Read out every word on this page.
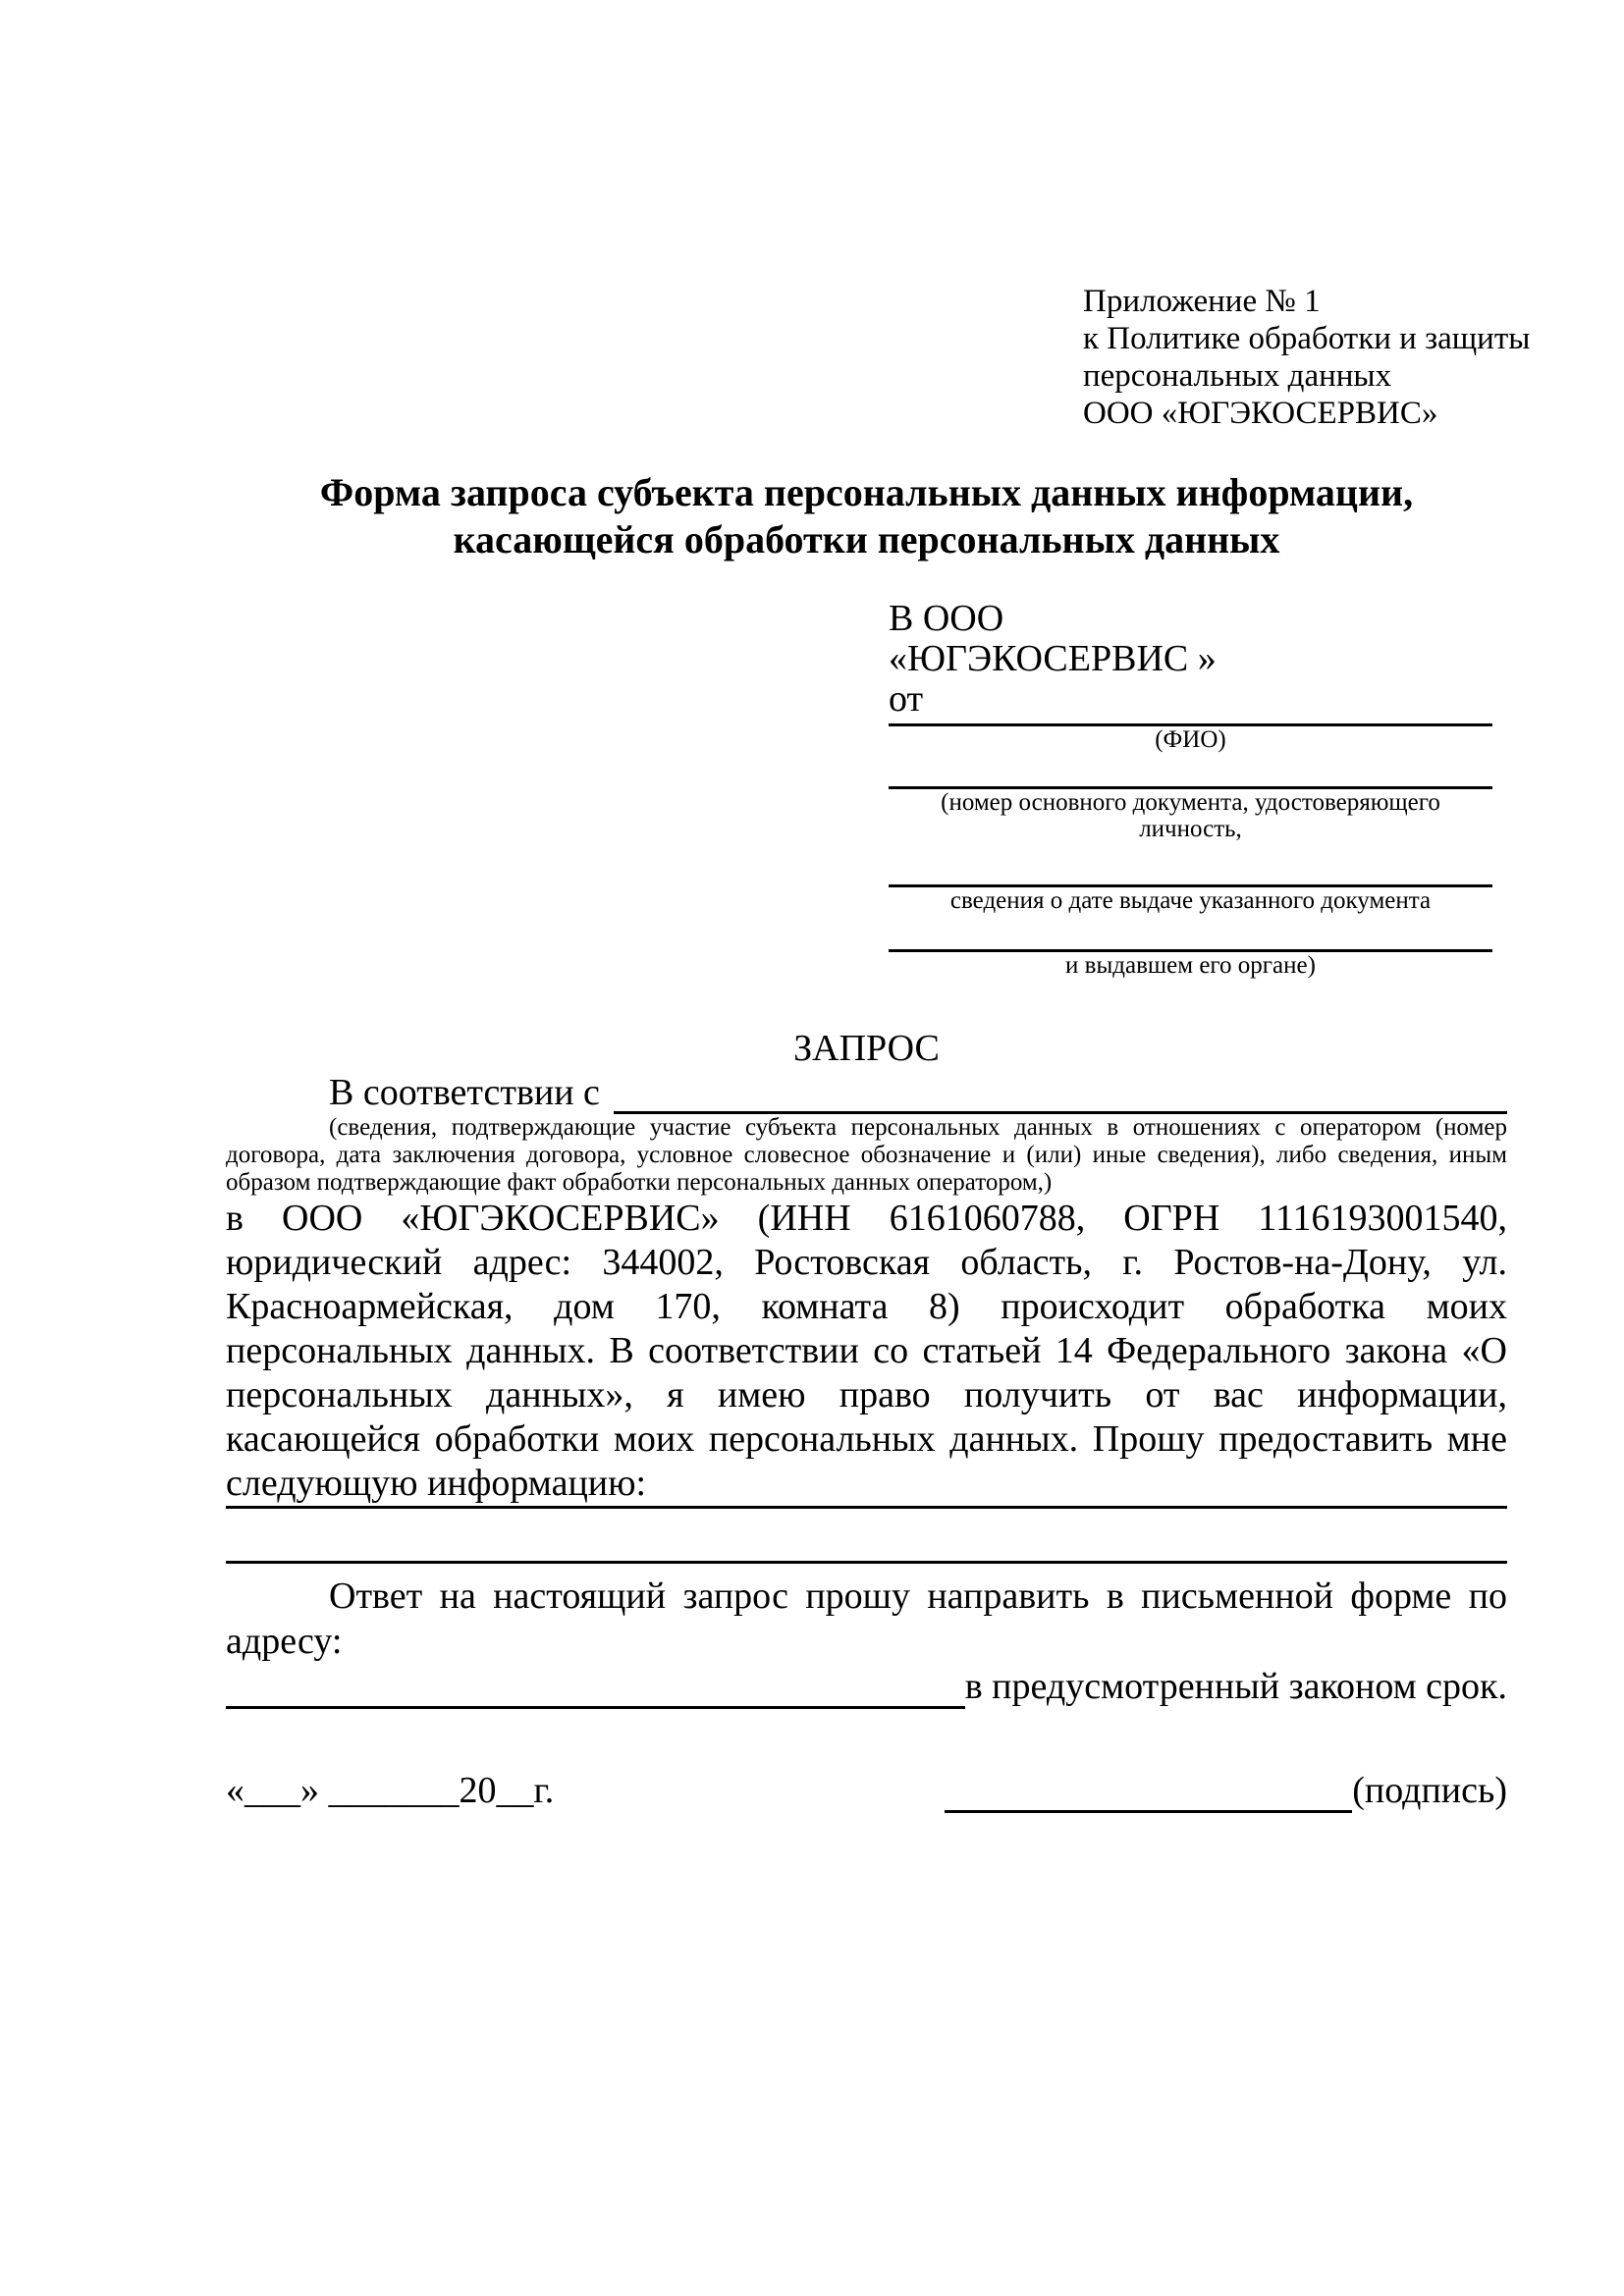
Приложение № 1
к Политике обработки и защиты
персональных данных
ООО «ЮГЭКОСЕРВИС»
Форма запроса субъекта персональных данных информации,
касающейся обработки персональных данных
В ООО
«ЮГЭКОСЕРВИС »
от
(ФИО)
(номер основного документа, удостоверяющего личность,
сведения о дате выдаче указанного документа
и выдавшем его органе)
ЗАПРОС
В соответствии с
(сведения, подтверждающие участие субъекта персональных данных в отношениях с оператором (номер договора, дата заключения договора, условное словесное обозначение и (или) иные сведения), либо сведения, иным образом подтверждающие факт обработки персональных данных оператором,)
в ООО «ЮГЭКОСЕРВИС» (ИНН 6161060788, ОГРН 1116193001540, юридический адрес: 344002, Ростовская область, г. Ростов-на-Дону, ул. Красноармейская, дом 170, комната 8) происходит обработка моих персональных данных. В соответствии со статьей 14 Федерального закона «О персональных данных», я имею право получить от вас информации, касающейся обработки моих персональных данных. Прошу предоставить мне следующую информацию:
Ответ на настоящий запрос прошу направить в письменной форме по адресу:
в предусмотренный законом срок.
«___» _______20__г.	(подпись)
